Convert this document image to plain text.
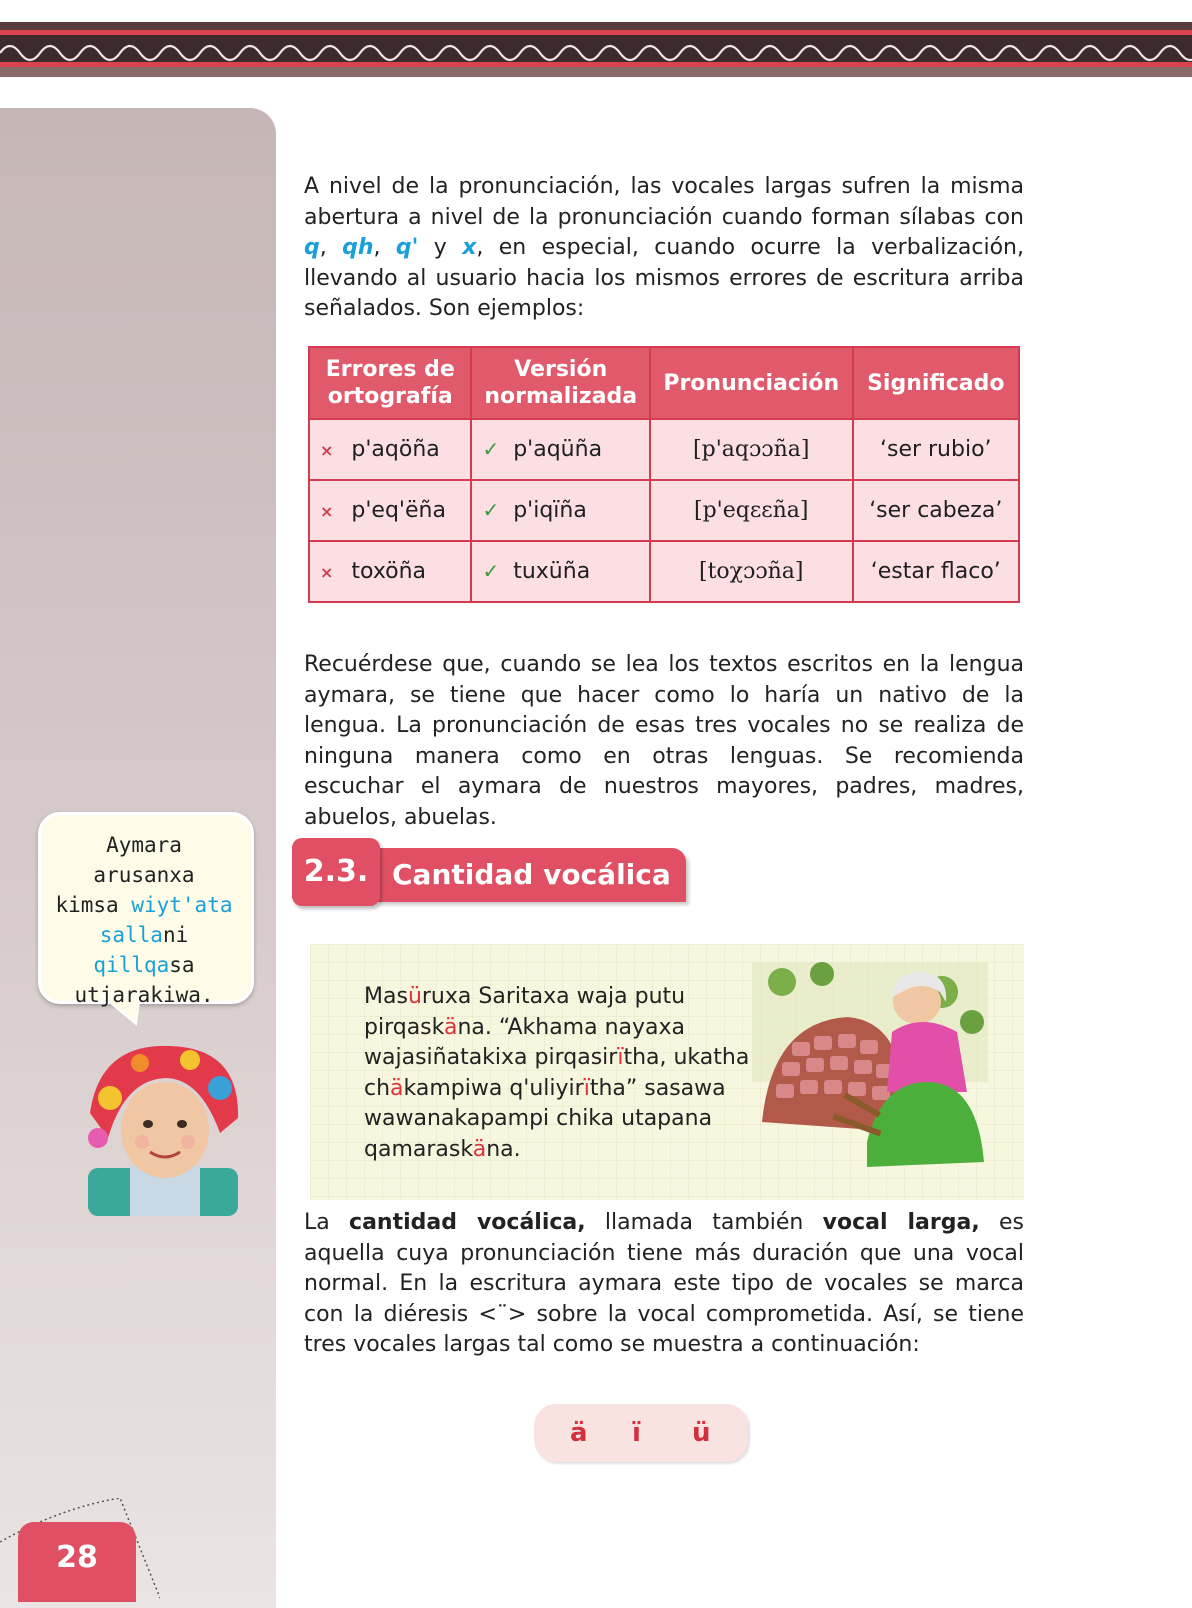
A nivel de la pronunciación, las vocales largas sufren la misma abertura a nivel de la pronunciación cuando forman sílabas con q, qh, q' y x, en especial, cuando ocurre la verbalización, llevando al usuario hacia los mismos errores de escritura arriba señalados. Son ejemplos:
Errores de ortografía	Versión normalizada	Pronunciación	Significado
× p'aqöña	✓ p'aqüña	[p'aqɔɔña]	‘ser rubio’
× p'eq'ëña	✓ p'iqïña	[p'eqɛɛña]	‘ser cabeza’
× toxöña	✓ tuxüña	[toχɔɔña]	‘estar flaco’
Recuérdese que, cuando se lea los textos escritos en la lengua aymara, se tiene que hacer como lo haría un nativo de la lengua. La pronunciación de esas tres vocales no se realiza de ninguna manera como en otras lenguas. Se recomienda escuchar el aymara de nuestros mayores, padres, madres, abuelos, abuelas.
Aymara
arusanxa
kimsa wiyt'ata
sallani qillqasa
utjarakiwa.
Cantidad vocálica
2.3.
Masüruxa Saritaxa waja putu pirqaskäna. “Akhama nayaxa wajasiñatakixa pirqasirïtha, ukatha chäkampiwa q'uliyirïtha” sasawa wawanakapampi chika utapana qamaraskäna.
La cantidad vocálica, llamada también vocal larga, es aquella cuya pronunciación tiene más duración que una vocal normal. En la escritura aymara este tipo de vocales se marca con la diéresis <¨> sobre la vocal comprometida. Así, se tiene tres vocales largas tal como se muestra a continuación:
ä ï ü
28
